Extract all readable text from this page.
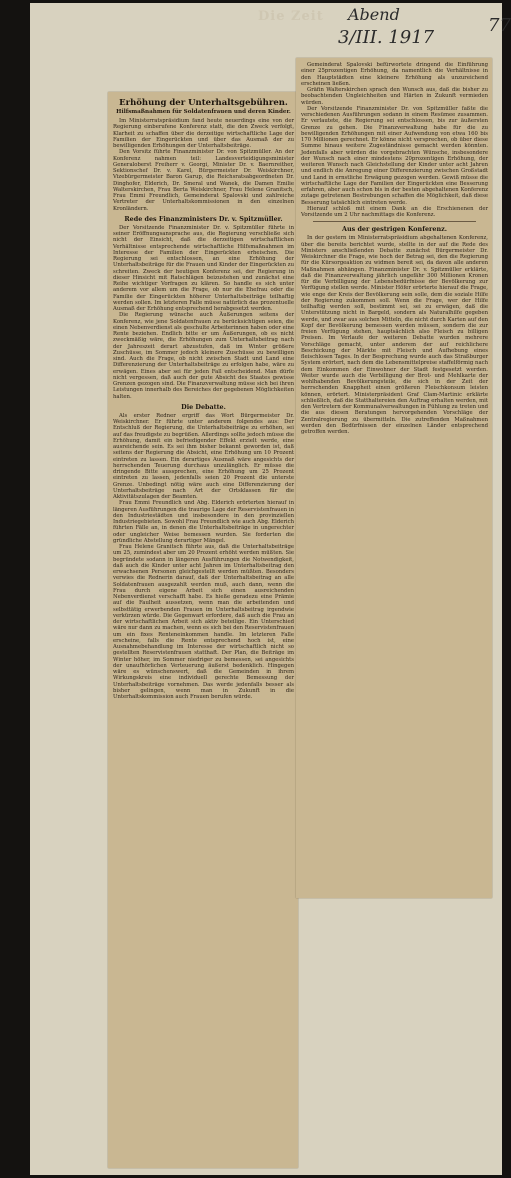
Die Zeit Abend
3/III. 1917
77
Erhöhung der Unterhaltsgebühren.
Hilfsmaßnahmen für Soldatenfrauen und deren Kinder.

Im Ministerratspräsidium fand heute neuerdings eine von der Regierung einberufene Konferenz statt, die den Zweck verfolgt, Klarheit zu schaffen über die derzeitige wirtschaftliche Lage der Familien der Eingerückten und über das Ausmaß der zu bewilligenden Erhöhungen der Unterhaltsbeiträge.

Den Vorsitz führte Finanzminister Dr. von Spitzmüller. An der Konferenz nahmen teil: Landesverteidigungsminister Generaloberst Freiherr v. Georgi, Minister Dr. v. Baernreither, Sektionschef Dr. v. Karel, Bürgermeister Dr. Weiskirchner, Vizebürgermeister Baron Garup, die Reichsratsabgeordneten Dr. Dinghofer, Elderich, Dr. Smeral und Wanek, die Damen Emilie Walterskirchen, Frau Berta Weiskirchner, Frau Helene Granitsch, Frau Emmi Freundlich, Gemeinderat Spalovski und zahlreiche Vertreter der Unterhaltskommissionen in den einzelnen Kronländern.

Rede des Finanzministers Dr. v. Spitzmüller.

Der Vorsitzende Finanzminister Dr. v. Spitzmüller führte in seiner Eröffnungsansprache aus, die Regierung verschließe sich nicht der Einsicht, daß die derzeitigen wirtschaftlichen Verhältnisse entsprechende wirtschaftliche Hilfsmaßnahmen im Interesse der Familien der Eingerückten erheischen. Die Regierung sei entschlossen, an eine Erhöhung der Unterhaltsbeiträge für die Frauen und Kinder der Eingerückten zu schreiten. Zweck der heutigen Konferenz sei, der Regierung in dieser Hinsicht mit Ratschlägen beizustehen und zunächst eine Reihe wichtiger Vorfragen zu klären. So handle es sich unter anderem vor allem um die Frage, ob nur die Ehefrau oder die Familie der Eingerückten höherer Unterhaltsbeiträge teilhaftig werden sollen. Im letzteren Falle müsse natürlich das prozentuelle Ausmaß der Erhöhung entsprechend herabgesetzt werden.

Die Regierung wünsche auch Äußerungen seitens der Konferenz, wie jene Soldatenfrauen zu berücksichtigen seien, die einen Nebenverdienst als geschulte Arbeiterinnen haben oder eine Rente beziehen. Endlich bitte er um Äußerungen, ob es nicht zweckmäßig wäre, die Erhöhungen zum Unterhaltsbeitrag nach der Jahreszeit derart abzustufen, daß im Winter größere Zuschüsse, im Sommer jedoch kleinere Zuschüsse zu bewilligen sind. Auch die Frage, ob nicht zwischen Stadt und Land eine Differenzierung der Unterhaltsbeiträge zu erfolgen habe, wäre zu erwägen. Eines aber sei für jeden Fall entscheidend. Man dürfe nicht vergessen, daß auch der gute Absicht des Staates gewisse Grenzen gezogen sind. Die Finanzverwaltung müsse sich bei ihren Leistungen innerhalb des Bereiches der gegebenen Möglichkeiten halten.

Die Debatte.

Als erster Redner ergriff das Wort Bürgermeister Dr. Weiskirchner. Er führte unter anderem folgendes aus: Der Entschluß der Regierung, die Unterhaltsbeiträge zu erhöhen, sei auf das freudigste zu begrüßen. Allerdings sollte jedoch müsse die Erhöhung, damit ein befriedigender Effekt erzielt werde, eine ausreichende sein. Es sei ihm bisher bekannt geworden ist, daß seitens der Regierung die Absicht, eine Erhöhung um 10 Prozent eintreten zu lassen. Ein derartiges Ausmaß wäre angesichts der herrschenden Teuerung durchaus unzulänglich. Er müsse die dringende Bitte aussprechen, eine Erhöhung um 25 Prozent eintreten zu lassen, jedenfalls seien 20 Prozent die unterste Grenze. Unbedingt nötig wäre auch eine Differenzierung der Unterhaltsbeiträge nach Art der Ortsklassen für die Aktivitätszulagen der Beamten.

Frau Emmi Freundlich und Abg. Elderich erörterten hierauf in längeren Ausführungen die traurige Lage der Reservistenfrauen in den Industriestädten und insbesondere in den provinziellen Industriegebieten. Sowohl Frau Freundlich wie auch Abg. Elderich führten Fälle an, in denen die Unterhaltsbeiträge in ungerechter oder ungleicher Weise bemessen wurden. Sie forderten die gründliche Abstellung derartiger Mängel.

Frau Helene Granitsch führte aus, daß die Unterhaltsbeiträge um 25, zumindest aber um 20 Prozent erhöht werden müßten. Sie begründete sodann in längeren Ausführungen die Notwendigkeit, daß auch die Kinder unter acht Jahren im Unterhaltsbeitrag den erwachsenen Personen gleichgestellt werden müßten. Besonders verwies die Rednerin darauf, daß der Unterhaltsbeitrag an alle Soldatenfrauen ausgezahlt werden muß, auch dann, wenn die Frau durch eigene Arbeit sich einen ausreichenden Nebenverdienst verschafft habe. Es hieße geradezu eine Prämie auf die Faulheit aussetzen, wenn man die arbeitenden und selbsttätig erwerbenden Frauen im Unterhaltsbeitrag irgendwie verkürzen würde. Die Gegenwart erfordere, daß auch die Frau an der wirtschaftlichen Arbeit sich aktiv beteilige. Ein Unterschied wäre nur dann zu machen, wenn es sich bei den Reservistenfrauen um ein fixes Renteneinkommen handle. Im letzteren Falle erscheine, falls die Rente entsprechend hoch ist, eine Ausnahmebehandlung im Interesse der wirtschaftlich nicht so gestellten Reservistenfrauen statthaft. Der Plan, die Beiträge im Winter höher, im Sommer niedriger zu bemessen, sei angesichts der unaufhörlichen Verteuerung äußerst bedenklich. Hingegen wäre es wünschenswert, daß die Gemeinden in ihrem Wirkungskreis eine individuell gerechte Bemessung der Unterhaltsbeiträge vornehmen. Das werde jedenfalls besser als bisher gelingen, wenn man in Zukunft in die Unterhaltskommission auch Frauen berufen würde.

Gemeinderat Spalovski befürwortete dringend die Einführung einer 25prozentigen Erhöhung, da namentlich die Verhältnisse in den Hauptstädten eine kleinere Erhöhung als unzureichend erscheinen ließen.

Gräfin Walterskirchen sprach den Wunsch aus, daß die bisher zu beobachtenden Ungleichheiten und Härten in Zukunft vermieden würden.

Der Vorsitzende Finanzminister Dr. von Spitzmüller faßte die verschiedenen Ausführungen sodann in einem Resümee zusammen. Er verlautete, die Regierung sei entschlossen, bis zur äußersten Grenze zu gehen. Die Finanzverwaltung habe für die zu bewilligenden Erhöhungen mit einer Aufwendung von etwa 160 bis 170 Millionen gerechnet. Er könne nicht versprechen, ob über diese Summe hinaus weitere Zugeständnisse gemacht werden könnten. Jedenfalls aber würden die vorgebrachten Wünsche, insbesondere der Wunsch nach einer mindestens 20prozentigen Erhöhung, der weiteren Wunsch nach Gleichstellung der Kinder unter acht Jahren und endlich die Anregung einer Differenzierung zwischen Großstadt und Land in ernstliche Erwägung gezogen werden. Gewiß müsse die wirtschaftliche Lage der Familien der Eingerückten eine Besserung erfahren, aber auch schon bis in der besten abgehaltenen Konferenz zutage getretenen Bestrebungen schaffen die Möglichkeit, daß diese Besserung tatsächlich eintreten werde.

Hierauf schloß mit einem Dank an die Erschienenen der Vorsitzende um 2 Uhr nachmittags die Konferenz.

Aus der gestrigen Konferenz.

In der gestern im Ministerratspräsidium abgehaltenen Konferenz, über die bereits berichtet wurde, stellte in der auf die Rede des Ministers anschließenden Debatte zunächst Bürgermeister Dr. Weiskirchner die Frage, wie hoch der Betrag sei, den die Regierung für die Kürsorgeaktion zu widmen bereit sei, da davon alle anderen Maßnahmen abhängen. Finanzminister Dr. v. Spitzmüller erklärte, daß die Finanzverwaltung jährlich ungefähr 300 Millionen Kronen für die Verbilligung der Lebensbedürfnisse der Bevölkerung zur Verfügung stellen werde. Minister Höfer erörterte hierauf die Frage, wie enge der Kreis der Bevölkerung sein solle, dem die soziale Hilfe der Regierung zukommen soll. Wenn die Frage, wer der Hilfe teilhaftig werden soll, bestimmt sei, sei zu erwägen, daß die Unterstützung nicht in Bargeld, sondern als Naturalhilfe gegeben werde, und zwar aus solchen Mitteln, die nicht durch Karten auf den Kopf der Bevölkerung bemessen werden müssen, sondern die zur freien Verfügung stehen, hauptsächlich also Fleisch zu billigen Preisen. Im Verlaufe der weiteren Debatte wurden mehrere Vorschläge gemacht, unter anderem der auf reichlichere Beschickung der Märkte mit Fleisch und Aufhebung eines fleischlosen Tages. In der Besprechung wurde auch das Straßburger System erörtert, nach dem die Lebensmittelpreise staffelförmig nach dem Einkommen der Einwohner der Stadt festgesetzt werden. Weiter wurde auch die Verbilligung der Brot- und Mehlkarte der wohlhabenden Bevölkerungsteile, die sich in der Zeit der herrschenden Knappheit einen größeren Fleischkonsum leisten können, erörtert. Ministerpräsident Graf Clam-Martinic erklärte schließlich, daß die Statthaltereien den Auftrag erhalten werden, mit den Vertretern der Kommunalverwaltungen in Fühlung zu treten und die aus diesen Beratungen hervorgehenden Vorschläge der Zentralregierung zu übermitteln. Die zutreffenden Maßnahmen werden den Bedürfnissen der einzelnen Länder entsprechend getroffen werden.
